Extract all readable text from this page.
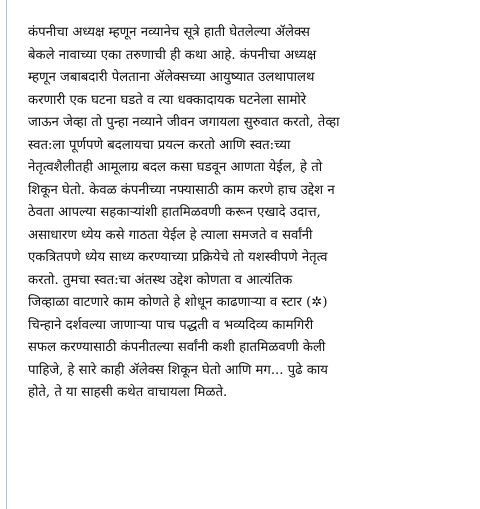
कंपनीचा अध्यक्ष म्हणून नव्यानेच सूत्रे हाती घेतलेल्या ॲलेक्स
बेकले नावाच्या एका तरुणाची ही कथा आहे. कंपनीचा अध्यक्ष
म्हणून जबाबदारी पेलताना ॲलेक्सच्या आयुष्यात उलथापालथ
करणारी एक घटना घडते व त्या धक्कादायक घटनेला सामोरे
जाऊन जेव्हा तो पुन्हा नव्याने जीवन जगायला सुरुवात करतो, तेव्हा
स्वत:ला पूर्णपणे बदलायचा प्रयत्न करतो आणि स्वत:च्या
नेतृत्वशैलीतही आमूलाग्र बदल कसा घडवून आणता येईल, हे तो
शिकून घेतो. केवळ कंपनीच्या नफ्यासाठी काम करणे हाच उद्देश न
ठेवता आपल्या सहकाऱ्यांशी हातमिळवणी करून एखादे उदात्त,
असाधारण ध्येय कसे गाठता येईल हे त्याला समजते व सर्वांनी
एकत्रितपणे ध्येय साध्य करण्याच्या प्रक्रियेचे तो यशस्वीपणे नेतृत्व
करतो. तुमचा स्वत:चा अंतस्थ उद्देश कोणता व आत्यंतिक
जिव्हाळा वाटणारे काम कोणते हे शोधून काढणाऱ्या व स्टार (✲)
चिन्हाने दर्शवल्या जाणाऱ्या पाच पद्धती व भव्यदिव्य कामगिरी
सफल करण्यासाठी कंपनीतल्या सर्वांनी कशी हातमिळवणी केली
पाहिजे, हे सारे काही ॲलेक्स शिकून घेतो आणि मग... पुढे काय
होते, ते या साहसी कथेत वाचायला मिळते.
